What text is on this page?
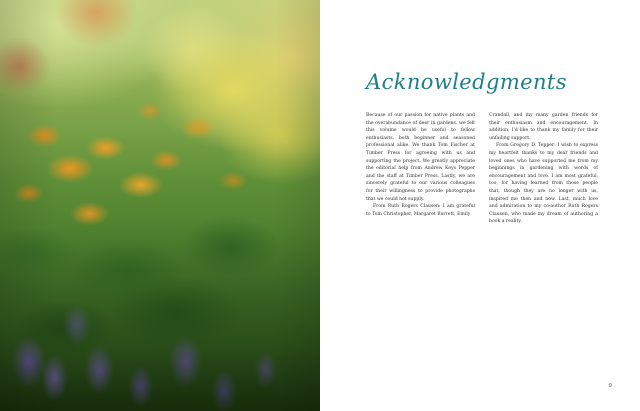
Acknowledgments

Because of our passion for native plants and the overabundance of deer in gardens, we felt this volume would be useful to fellow enthusiasts, both beginner and seasoned professional alike. We thank Tom Fischer at Timber Press for agreeing with us and supporting the project. We greatly appreciate the editorial help from Andrew Keys Pepper and the staff at Timber Press. Lastly, we are sincerely grateful to our various colleagues for their willingness to provide photographs that we could not supply.

From Ruth Rogers Clausen: I am grateful to Tom Christopher, Margaret Barrett, Emily

Crandall, and my many garden friends for their enthusiasm and encouragement. In addition, I'd like to thank my family for their unfailing support.

From Gregory D. Tepper: I wish to express my heartfelt thanks to my dear friends and loved ones who have supported me from my beginnings in gardening with words of encouragement and love. I am most grateful, too, for having learned from those people that, though they are no longer with us, inspired me then and now. Last, much love and admiration to my co-author Ruth Rogers Clausen, who made my dream of authoring a book a reality.

9
